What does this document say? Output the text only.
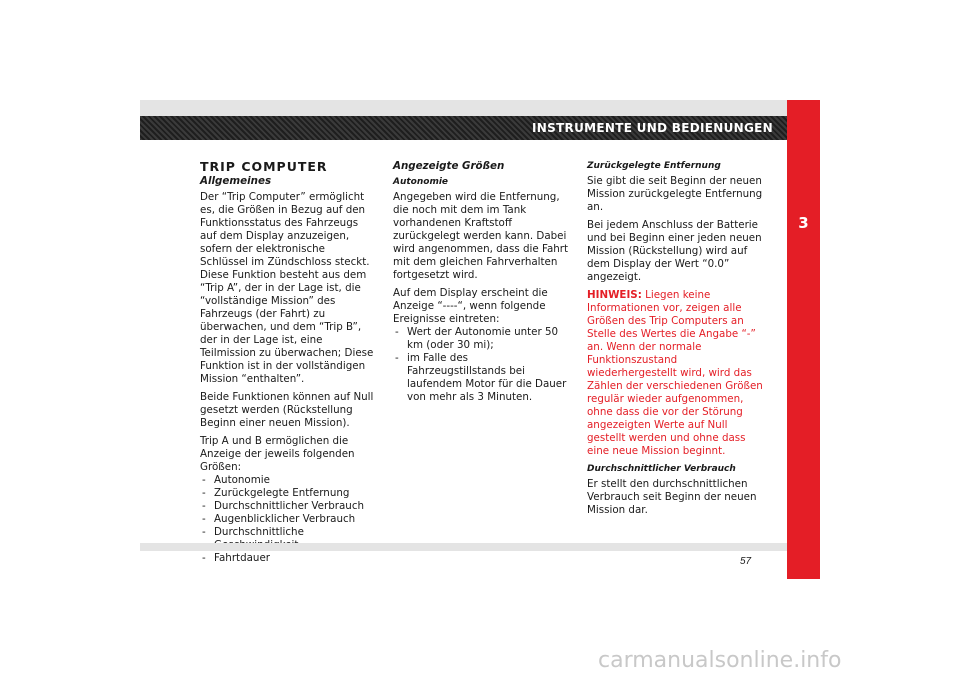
INSTRUMENTE UND BEDIENUNGEN
3
TRIP COMPUTER
Allgemeines

Der “Trip Computer” ermöglicht es, die Größen in Bezug auf den Funktionsstatus des Fahrzeugs auf dem Display anzuzeigen, sofern der elektronische Schlüssel im Zündschloss steckt. Diese Funktion besteht aus dem “Trip A”, der in der Lage ist, die “vollständige Mission” des Fahrzeugs (der Fahrt) zu überwachen, und dem “Trip B”, der in der Lage ist, eine Teilmission zu überwachen; Diese Funktion ist in der vollständigen Mission “enthalten”.

Beide Funktionen können auf Null gesetzt werden (Rückstellung Beginn einer neuen Mission).

Trip A und B ermöglichen die Anzeige der jeweils folgenden Größen:

- Autonomie
- Zurückgelegte Entfernung
- Durchschnittlicher Verbrauch
- Augenblicklicher Verbrauch
- Durchschnittliche
- Fahrtdauer
Angezeigte Größen
Autonomie

Angegeben wird die Entfernung, die noch mit dem im Tank vorhandenen Kraftstoff zurückgelegt werden kann. Dabei wird angenommen, dass die Fahrt mit dem gleichen Fahrverhalten fortgesetzt wird.

Auf dem Display erscheint die Anzeige “----“, wenn folgende Ereignisse eintreten:

- Wert der Autonomie unter 50 km (oder 30 mi);
- im Falle des Fahrzeugstillstands bei laufendem Motor für die Dauer von mehr als 3 Minuten.
Zurückgelegte Entfernung

Sie gibt die seit Beginn der neuen Mission zurückgelegte Entfernung an.

Bei jedem Anschluss der Batterie und bei Beginn einer jeden neuen Mission (Rückstellung) wird auf dem Display der Wert “0.0” angezeigt.

HINWEIS: Liegen keine Informationen vor, zeigen alle Größen des Trip Computers an Stelle des Wertes die Angabe “-” an. Wenn der normale Funktionszustand wiederhergestellt wird, wird das Zählen der verschiedenen Größen regulär wieder aufgenommen, ohne dass die vor der Störung angezeigten Werte auf Null gestellt werden und ohne dass eine neue Mission beginnt.

Durchschnittlicher Verbrauch

Er stellt den durchschnittlichen Verbrauch seit Beginn der neuen Mission dar.

57
carmanualsonline.info
